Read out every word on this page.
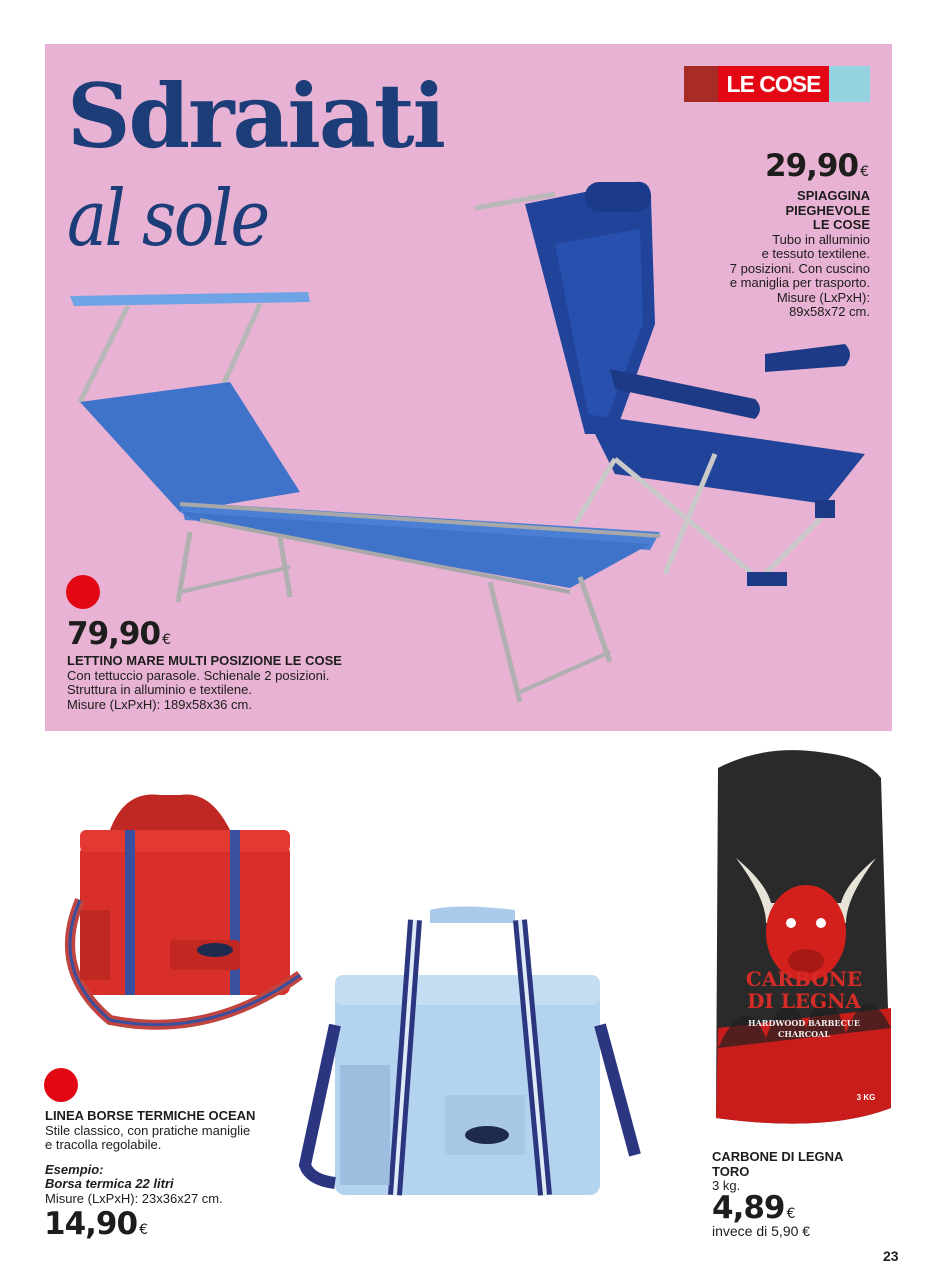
Sdraiati
al sole
LE COSE
29,90 €
SPIAGGINA
PIEGHEVOLE
LE COSE
Tubo in alluminio
e tessuto textilene.
7 posizioni. Con cuscino
e maniglia per trasporto.
Misure (LxPxH):
89x58x72 cm.
79,90 €
LETTINO MARE MULTI POSIZIONE LE COSE
Con tettuccio parasole. Schienale 2 posizioni.
Struttura in alluminio e textilene.
Misure (LxPxH): 189x58x36 cm.
LINEA BORSE TERMICHE OCEAN
Stile classico, con pratiche maniglie
e tracolla regolabile.
Esempio:
Borsa termica 22 litri
Misure (LxPxH): 23x36x27 cm.
14,90 €
CARBONE
DI LEGNA
HARDWOOD BARBECUE
CHARCOAL
3 KG
CARBONE DI LEGNA
TORO
3 kg.
4,89 €
invece di 5,90 €
23
